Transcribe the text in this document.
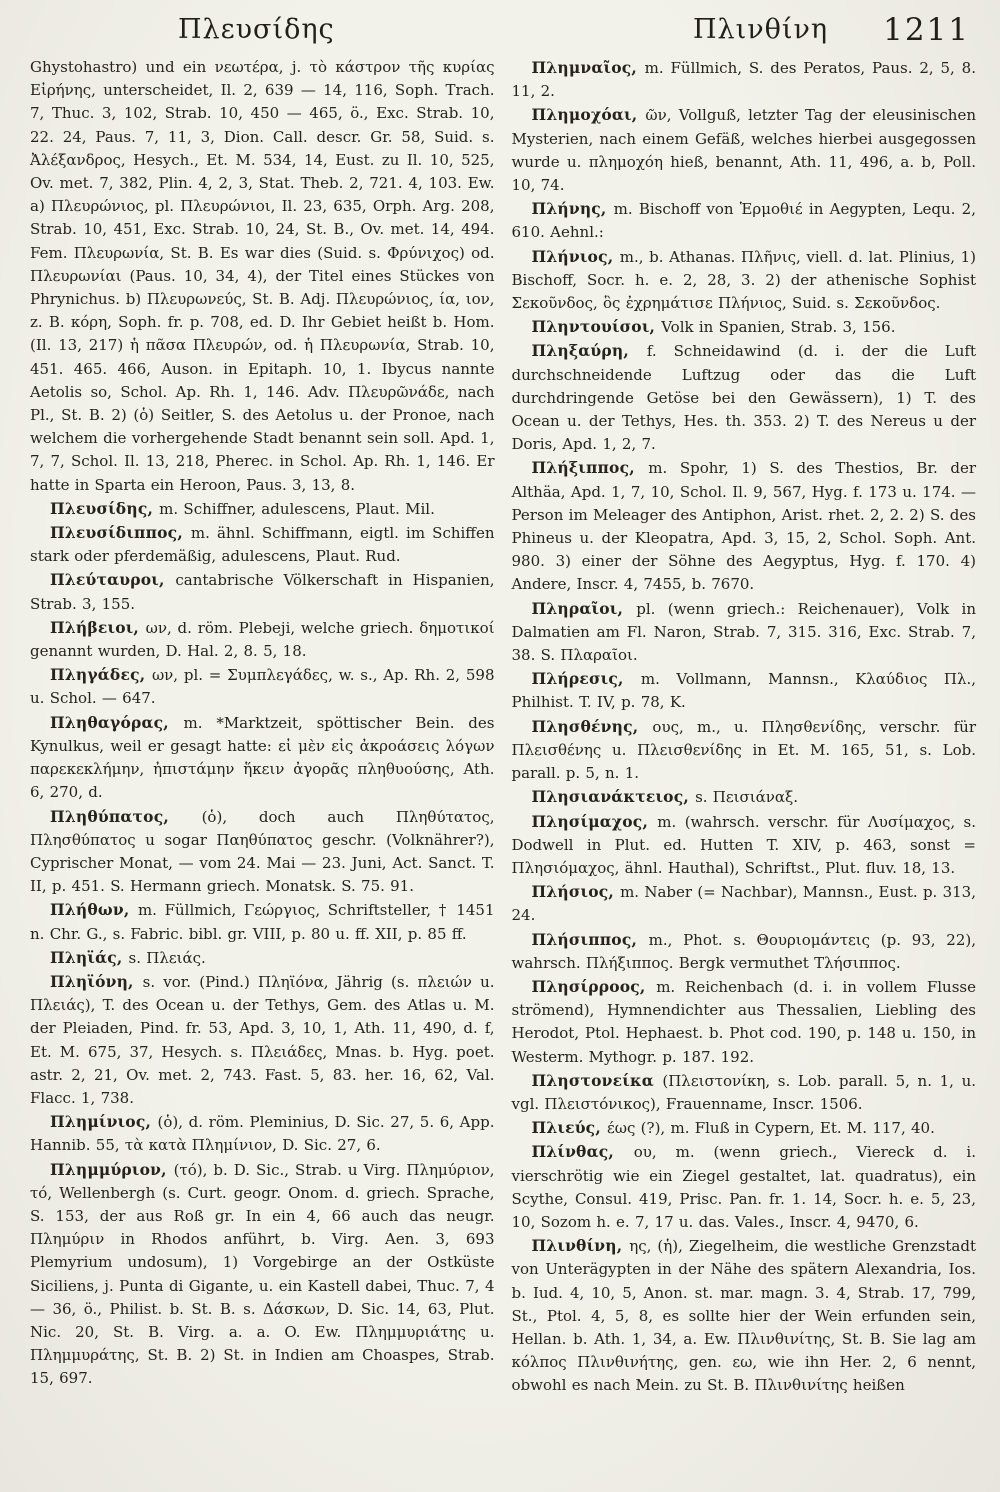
Πλευσίδης	Πλινθίνη 1211

Ghystohastro) und ein νεωτέρα, j. τὸ κάστρον τῆς κυρίας Εἰρήνης, unterscheidet, Il. 2, 639 — 14, 116, Soph. Trach. 7, Thuc. 3, 102, Strab. 10, 450 — 465, ö., Exc. Strab. 10, 22. 24, Paus. 7, 11, 3, Dion. Call. descr. Gr. 58, Suid. s. Ἀλέξανδρος, Hesych., Et. M. 534, 14, Eust. zu Il. 10, 525, Ov. met. 7, 382, Plin. 4, 2, 3, Stat. Theb. 2, 721. 4, 103. Ew. a) Πλευρώνιος, pl. Πλευρώνιοι, Il. 23, 635, Orph. Arg. 208, Strab. 10, 451, Exc. Strab. 10, 24, St. B., Ov. met. 14, 494. Fem. Πλευρωνία, St. B. Es war dies (Suid. s. Φρύνιχος) od. Πλευρωνίαι (Paus. 10, 34, 4), der Titel eines Stückes von Phrynichus. b) Πλευρωνεύς, St. B. Adj. Πλευρώνιος, ία, ιον, z. B. κόρη, Soph. fr. p. 708, ed. D. Ihr Gebiet heißt b. Hom. (Il. 13, 217) ἡ πᾶσα Πλευρών, od. ἡ Πλευρωνία, Strab. 10, 451. 465. 466, Auson. in Epitaph. 10, 1. Ibycus nannte Aetolis so, Schol. Ap. Rh. 1, 146. Adv. Πλευρῶνάδε, nach Pl., St. B. 2) (ὁ) Seitler, S. des Aetolus u. der Pronoe, nach welchem die vorhergehende Stadt benannt sein soll. Apd. 1, 7, 7, Schol. Il. 13, 218, Pherec. in Schol. Ap. Rh. 1, 146. Er hatte in Sparta ein Heroon, Paus. 3, 13, 8.

Πλευσίδης, m. Schiffner, adulescens, Plaut. Mil.

Πλευσίδιππος, m. ähnl. Schiffmann, eigtl. im Schiffen stark oder pferdemäßig, adulescens, Plaut. Rud.

Πλεύταυροι, cantabrische Völkerschaft in Hispanien, Strab. 3, 155.

Πλήβειοι, ων, d. röm. Plebeji, welche griech. δημοτικοί genannt wurden, D. Hal. 2, 8. 5, 18.

Πληγάδες, ων, pl. = Συμπλεγάδες, w. s., Ap. Rh. 2, 598 u. Schol. — 647.

Πληθαγόρας, m. *Marktzeit, spöttischer Bein. des Kynulkus, weil er gesagt hatte: εἰ μὲν εἰς ἀκροάσεις λόγων παρεκεκλήμην, ἠπιστάμην ἥκειν ἀγορᾶς πληθυούσης, Ath. 6, 270, d.

Πληθύπατος, (ὁ), doch auch Πληθύτατος, Πλησθύπατος u sogar Παηθύπατος geschr. (Volknährer?), Cyprischer Monat, — vom 24. Mai — 23. Juni, Act. Sanct. T. II, p. 451. S. Hermann griech. Monatsk. S. 75. 91.

Πλήθων, m. Füllmich, Γεώργιος, Schriftsteller, † 1451 n. Chr. G., s. Fabric. bibl. gr. VIII, p. 80 u. ff. XII, p. 85 ff.

Πληϊάς, s. Πλειάς.

Πληϊόνη, s. vor. (Pind.) Πληϊόνα, Jährig (s. πλειών u. Πλειάς), T. des Ocean u. der Tethys, Gem. des Atlas u. M. der Pleiaden, Pind. fr. 53, Apd. 3, 10, 1, Ath. 11, 490, d. f, Et. M. 675, 37, Hesych. s. Πλειάδες, Mnas. b. Hyg. poet. astr. 2, 21, Ov. met. 2, 743. Fast. 5, 83. her. 16, 62, Val. Flacc. 1, 738.

Πλημίνιος, (ὁ), d. röm. Pleminius, D. Sic. 27, 5. 6, App. Hannib. 55, τὰ κατὰ Πλημίνιον, D. Sic. 27, 6.

Πλημμύριον, (τό), b. D. Sic., Strab. u Virg. Πλημύριον, τό, Wellenbergh (s. Curt. geogr. Onom. d. griech. Sprache, S. 153, der aus Roß gr. In ein 4, 66 auch das neugr. Πλημύριν in Rhodos anführt, b. Virg. Aen. 3, 693 Plemyrium undosum), 1) Vorgebirge an der Ostküste Siciliens, j. Punta di Gigante, u. ein Kastell dabei, Thuc. 7, 4 — 36, ö., Philist. b. St. B. s. Δάσκων, D. Sic. 14, 63, Plut. Nic. 20, St. B. Virg. a. a. O. Ew. Πλημμυριάτης u. Πλημμυράτης, St. B. 2) St. in Indien am Choaspes, Strab. 15, 697.

Πλημναῖος, m. Füllmich, S. des Peratos, Paus. 2, 5, 8. 11, 2.

Πλημοχόαι, ῶν, Vollguß, letzter Tag der eleusinischen Mysterien, nach einem Gefäß, welches hierbei ausgegossen wurde u. πλημοχόη hieß, benannt, Ath. 11, 496, a. b, Poll. 10, 74.

Πλήνης, m. Bischoff von Ἑρμοθιέ in Aegypten, Lequ. 2, 610. Aehnl.:

Πλήνιος, m., b. Athanas. Πλῆνις, viell. d. lat. Plinius, 1) Bischoff, Socr. h. e. 2, 28, 3. 2) der athenische Sophist Σεκοῦνδος, ὃς ἐχρημάτισε Πλήνιος, Suid. s. Σεκοῦνδος.

Πληντουίσοι, Volk in Spanien, Strab. 3, 156.

Πληξαύρη, f. Schneidawind (d. i. der die Luft durchschneidende Luftzug oder das die Luft durchdringende Getöse bei den Gewässern), 1) T. des Ocean u. der Tethys, Hes. th. 353. 2) T. des Nereus u der Doris, Apd. 1, 2, 7.

Πλήξιππος, m. Spohr, 1) S. des Thestios, Br. der Althäa, Apd. 1, 7, 10, Schol. Il. 9, 567, Hyg. f. 173 u. 174. — Person im Meleager des Antiphon, Arist. rhet. 2, 2. 2) S. des Phineus u. der Kleopatra, Apd. 3, 15, 2, Schol. Soph. Ant. 980. 3) einer der Söhne des Aegyptus, Hyg. f. 170. 4) Andere, Inscr. 4, 7455, b. 7670.

Πληραῖοι, pl. (wenn griech.: Reichenauer), Volk in Dalmatien am Fl. Naron, Strab. 7, 315. 316, Exc. Strab. 7, 38. S. Πλαραῖοι.

Πλήρεσις, m. Vollmann, Mannsn., Κλαύδιος Πλ., Philhist. T. IV, p. 78, K.

Πλησθένης, ους, m., u. Πλησθενίδης, verschr. für Πλεισθένης u. Πλεισθενίδης in Et. M. 165, 51, s. Lob. parall. p. 5, n. 1.

Πλησιανάκτειος, s. Πεισιάναξ.

Πλησίμαχος, m. (wahrsch. verschr. für Λυσίμαχος, s. Dodwell in Plut. ed. Hutten T. XIV, p. 463, sonst = Πλησιόμαχος, ähnl. Hauthal), Schriftst., Plut. fluv. 18, 13.

Πλήσιος, m. Naber (= Nachbar), Mannsn., Eust. p. 313, 24.

Πλήσιππος, m., Phot. s. Θουριομάντεις (p. 93, 22), wahrsch. Πλήξιππος. Bergk vermuthet Τλήσιππος.

Πλησίρροος, m. Reichenbach (d. i. in vollem Flusse strömend), Hymnendichter aus Thessalien, Liebling des Herodot, Ptol. Hephaest. b. Phot cod. 190, p. 148 u. 150, in Westerm. Mythogr. p. 187. 192.

Πληστονείκα (Πλειστονίκη, s. Lob. parall. 5, n. 1, u. vgl. Πλειστόνικος), Frauenname, Inscr. 1506.

Πλιεύς, έως (?), m. Fluß in Cypern, Et. M. 117, 40.

Πλίνθας, ου, m. (wenn griech., Viereck d. i. vierschrötig wie ein Ziegel gestaltet, lat. quadratus), ein Scythe, Consul. 419, Prisc. Pan. fr. 1. 14, Socr. h. e. 5, 23, 10, Sozom h. e. 7, 17 u. das. Vales., Inscr. 4, 9470, 6.

Πλινθίνη, ης, (ἡ), Ziegelheim, die westliche Grenzstadt von Unterägypten in der Nähe des spätern Alexandria, Ios. b. Iud. 4, 10, 5, Anon. st. mar. magn. 3. 4, Strab. 17, 799, St., Ptol. 4, 5, 8, es sollte hier der Wein erfunden sein, Hellan. b. Ath. 1, 34, a. Ew. Πλινθινίτης, St. B. Sie lag am κόλπος Πλινθινήτης, gen. εω, wie ihn Her. 2, 6 nennt, obwohl es nach Mein. zu St. B. Πλινθινίτης heißen
